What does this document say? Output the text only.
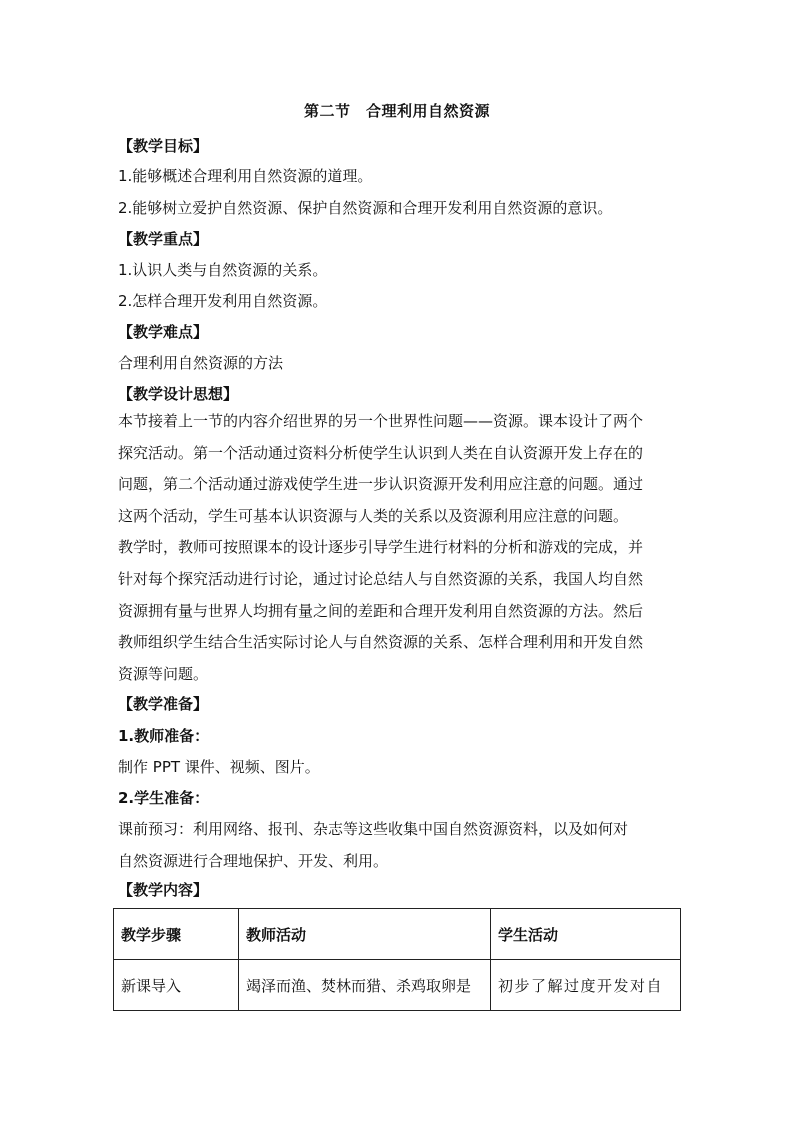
第二节　合理利用自然资源
【教学目标】
1.能够概述合理利用自然资源的道理。
2.能够树立爱护自然资源、保护自然资源和合理开发利用自然资源的意识。
【教学重点】
1.认识人类与自然资源的关系。
2.怎样合理开发利用自然资源。
【教学难点】
合理利用自然资源的方法
【教学设计思想】
本节接着上一节的内容介绍世界的另一个世界性问题——资源。课本设计了两个
探究活动。第一个活动通过资料分析使学生认识到人类在自认资源开发上存在的
问题，第二个活动通过游戏使学生进一步认识资源开发利用应注意的问题。通过
这两个活动，学生可基本认识资源与人类的关系以及资源利用应注意的问题。
教学时，教师可按照课本的设计逐步引导学生进行材料的分析和游戏的完成，并
针对每个探究活动进行讨论，通过讨论总结人与自然资源的关系，我国人均自然
资源拥有量与世界人均拥有量之间的差距和合理开发利用自然资源的方法。然后
教师组织学生结合生活实际讨论人与自然资源的关系、怎样合理利用和开发自然
资源等问题。
【教学准备】
1.教师准备：
制作 PPT 课件、视频、图片。
2.学生准备：
课前预习：利用网络、报刊、杂志等这些收集中国自然资源资料，以及如何对
自然资源进行合理地保护、开发、利用。
【教学内容】
教学步骤	教师活动	学生活动
新课导入	竭泽而渔、焚林而猎、杀鸡取卵是	初步了解过度开发对自
